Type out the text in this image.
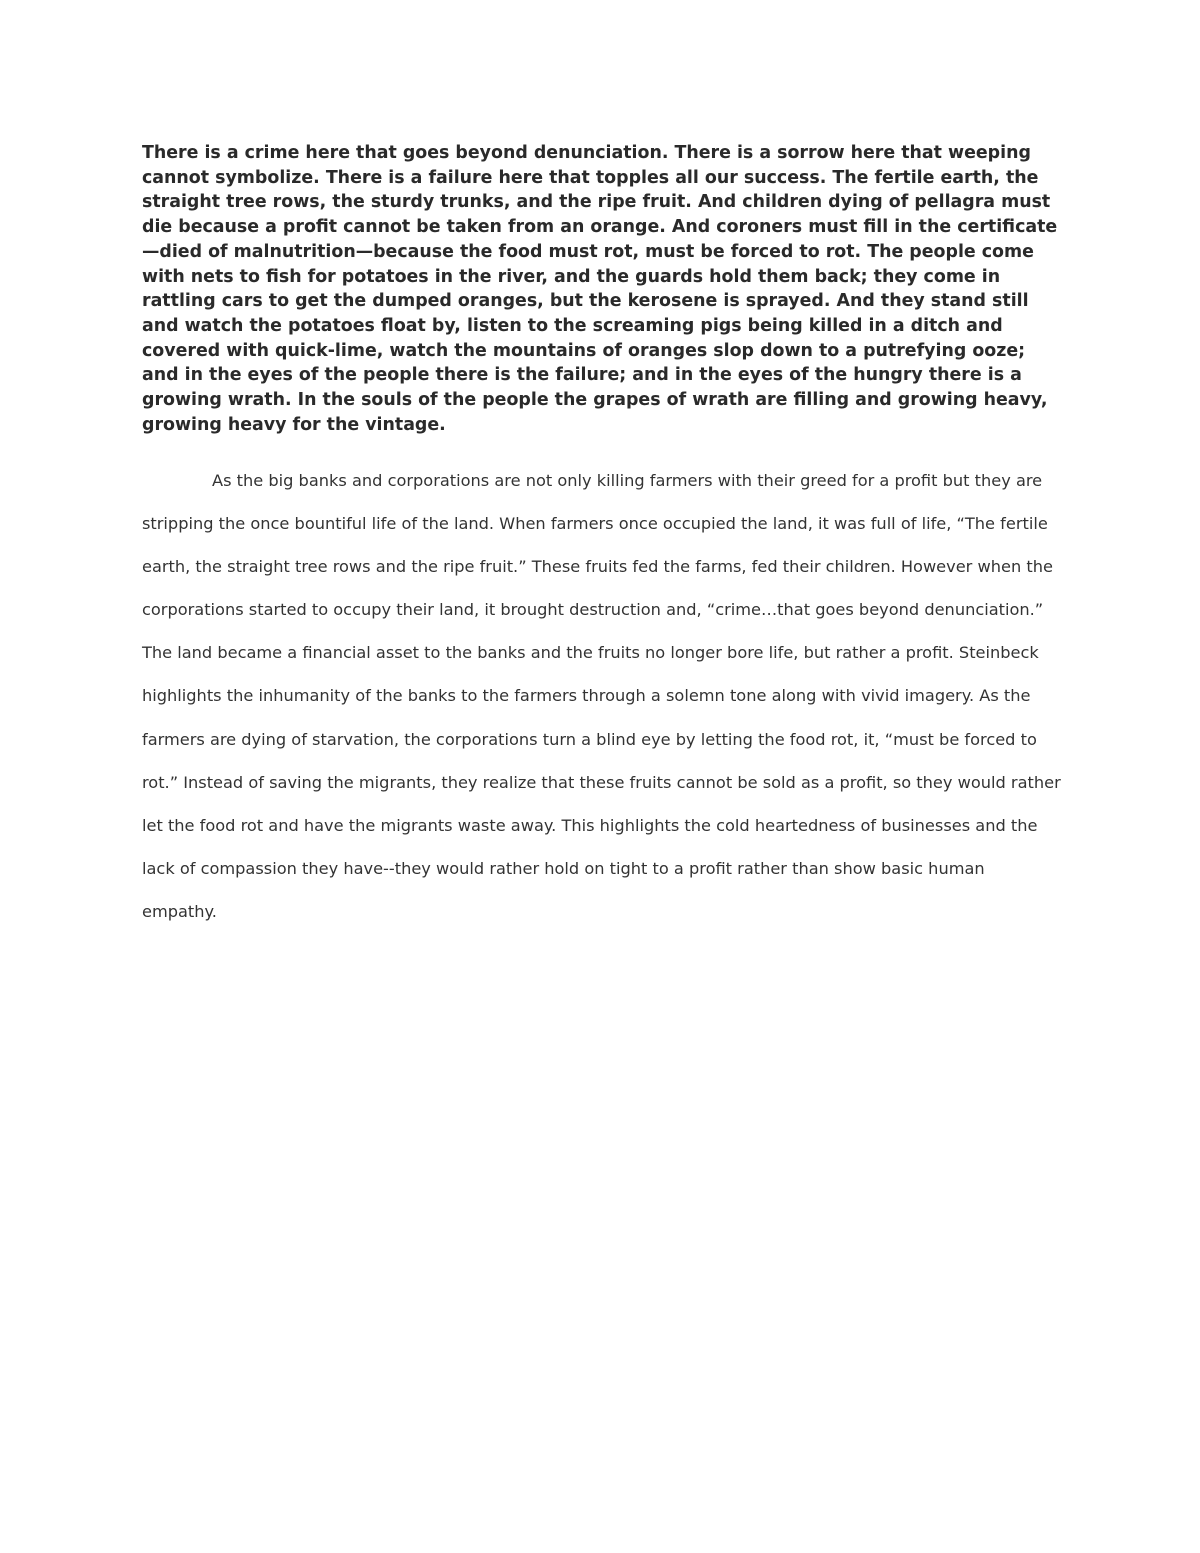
There is a crime here that goes beyond denunciation. There is a sorrow here that weeping cannot symbolize. There is a failure here that topples all our success. The fertile earth, the straight tree rows, the sturdy trunks, and the ripe fruit. And children dying of pellagra must die because a profit cannot be taken from an orange. And coroners must fill in the certificate—died of malnutrition—because the food must rot, must be forced to rot. The people come with nets to fish for potatoes in the river, and the guards hold them back; they come in rattling cars to get the dumped oranges, but the kerosene is sprayed. And they stand still and watch the potatoes float by, listen to the screaming pigs being killed in a ditch and covered with quick-lime, watch the mountains of oranges slop down to a putrefying ooze; and in the eyes of the people there is the failure; and in the eyes of the hungry there is a growing wrath. In the souls of the people the grapes of wrath are filling and growing heavy, growing heavy for the vintage.

As the big banks and corporations are not only killing farmers with their greed for a profit but they are stripping the once bountiful life of the land. When farmers once occupied the land, it was full of life, “The fertile earth, the straight tree rows and the ripe fruit.” These fruits fed the farms, fed their children. However when the corporations started to occupy their land, it brought destruction and, “crime…that goes beyond denunciation.” The land became a financial asset to the banks and the fruits no longer bore life, but rather a profit. Steinbeck highlights the inhumanity of the banks to the farmers through a solemn tone along with vivid imagery. As the farmers are dying of starvation, the corporations turn a blind eye by letting the food rot, it, “must be forced to rot.” Instead of saving the migrants, they realize that these fruits cannot be sold as a profit, so they would rather let the food rot and have the migrants waste away. This highlights the cold heartedness of businesses and the lack of compassion they have--they would rather hold on tight to a profit rather than show basic human empathy.
